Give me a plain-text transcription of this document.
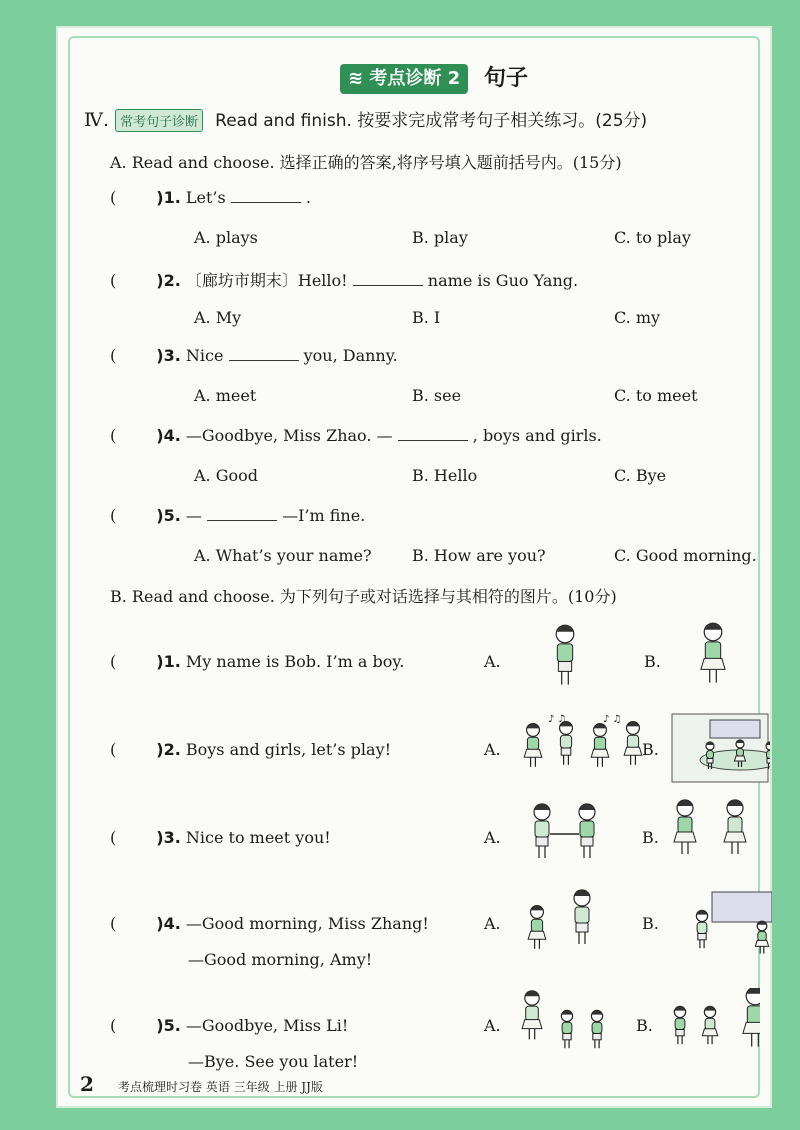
≋ 考点诊断 2	句子
Ⅳ. 常考句子诊断 Read and finish. 按要求完成常考句子相关练习。(25分)
A. Read and choose. 选择正确的答案,将序号填入题前括号内。(15分)
(	)1. Let’s	.
A. plays	B. play	C. to play
(	)2. 〔廊坊市期末〕Hello!	name is Guo Yang.
A. My	B. I	C. my
(	)3. Nice	you, Danny.
A. meet	B. see	C. to meet
(	)4. —Goodbye, Miss Zhao. —	, boys and girls.
A. Good	B. Hello	C. Bye
(	)5. —	—I’m fine.
A. What’s your name?	B. How are you?	C. Good morning.
B. Read and choose. 为下列句子或对话选择与其相符的图片。(10分)
(	)1. My name is Bob. I’m a boy.	A.	B.
(	)2. Boys and girls, let’s play!	A.	B.
♪ ♫	♪ ♫
(	)3. Nice to meet you!	A.	B.
(	)4. —Good morning, Miss Zhang!
—Good morning, Amy!
A.	B.
(	)5. —Goodbye, Miss Li!
—Bye. See you later!
A.	B.
2 考点梳理时习卷 英语 三年级 上册 JJ版
